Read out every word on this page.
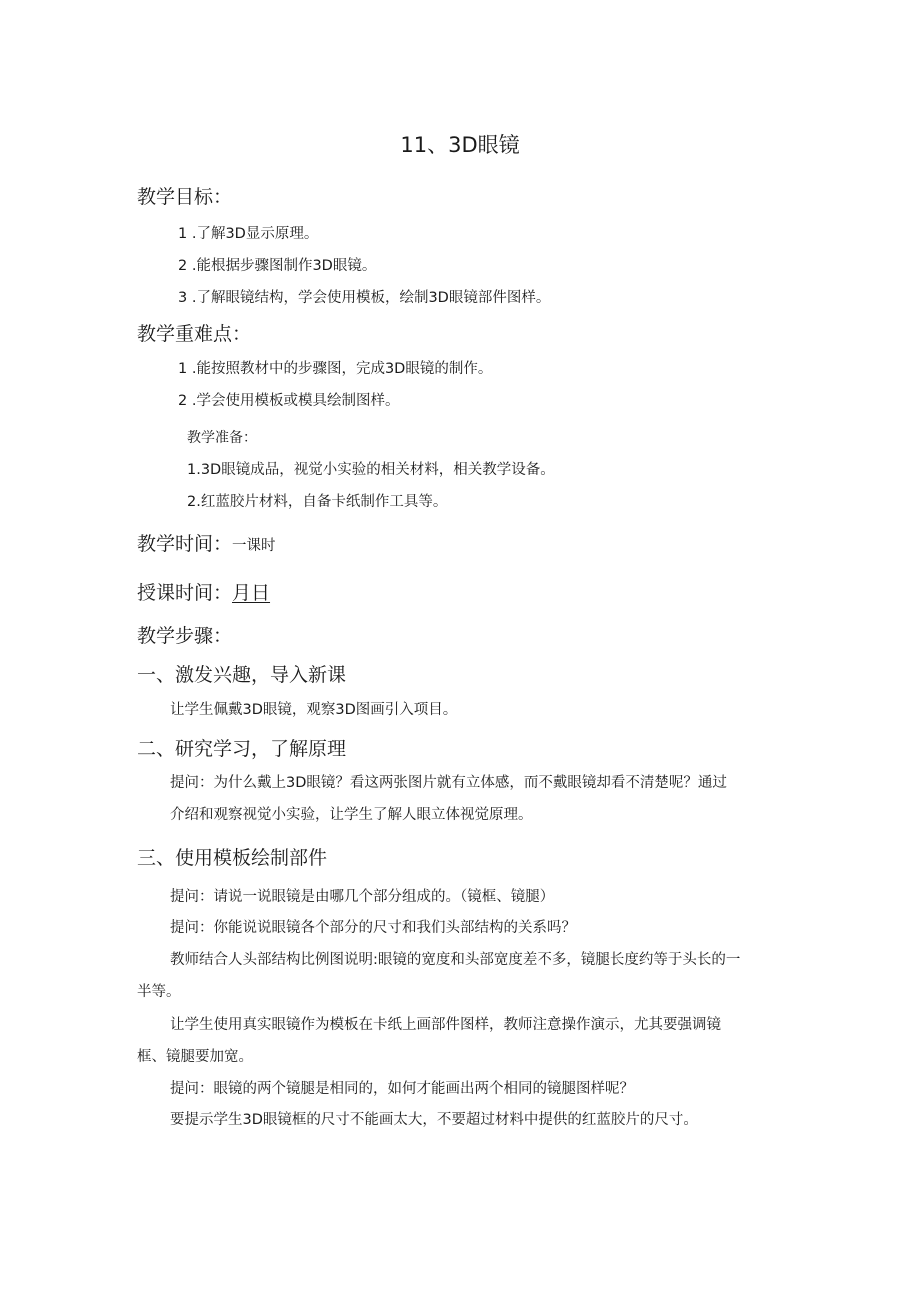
11、3D眼镜
教学目标：
1 .了解3D显示原理。
2 .能根据步骤图制作3D眼镜。
3 .了解眼镜结构，学会使用模板，绘制3D眼镜部件图样。
教学重难点：
1 .能按照教材中的步骤图，完成3D眼镜的制作。
2 .学会使用模板或模具绘制图样。
教学准备：
1.3D眼镜成品，视觉小实验的相关材料，相关教学设备。
2.红蓝胶片材料，自备卡纸制作工具等。
教学时间：一课时
授课时间：月日
教学步骤：
一、激发兴趣，导入新课
让学生佩戴3D眼镜，观察3D图画引入项目。
二、研究学习，了解原理
提问：为什么戴上3D眼镜？看这两张图片就有立体感，而不戴眼镜却看不清楚呢？通过
介绍和观察视觉小实验，让学生了解人眼立体视觉原理。
三、使用模板绘制部件
提问：请说一说眼镜是由哪几个部分组成的。（镜框、镜腿）
提问：你能说说眼镜各个部分的尺寸和我们头部结构的关系吗？
教师结合人头部结构比例图说明:眼镜的宽度和头部宽度差不多，镜腿长度约等于头长的一
半等。
让学生使用真实眼镜作为模板在卡纸上画部件图样，教师注意操作演示，尤其要强调镜
框、镜腿要加宽。
提问：眼镜的两个镜腿是相同的，如何才能画出两个相同的镜腿图样呢？
要提示学生3D眼镜框的尺寸不能画太大，不要超过材料中提供的红蓝胶片的尺寸。
